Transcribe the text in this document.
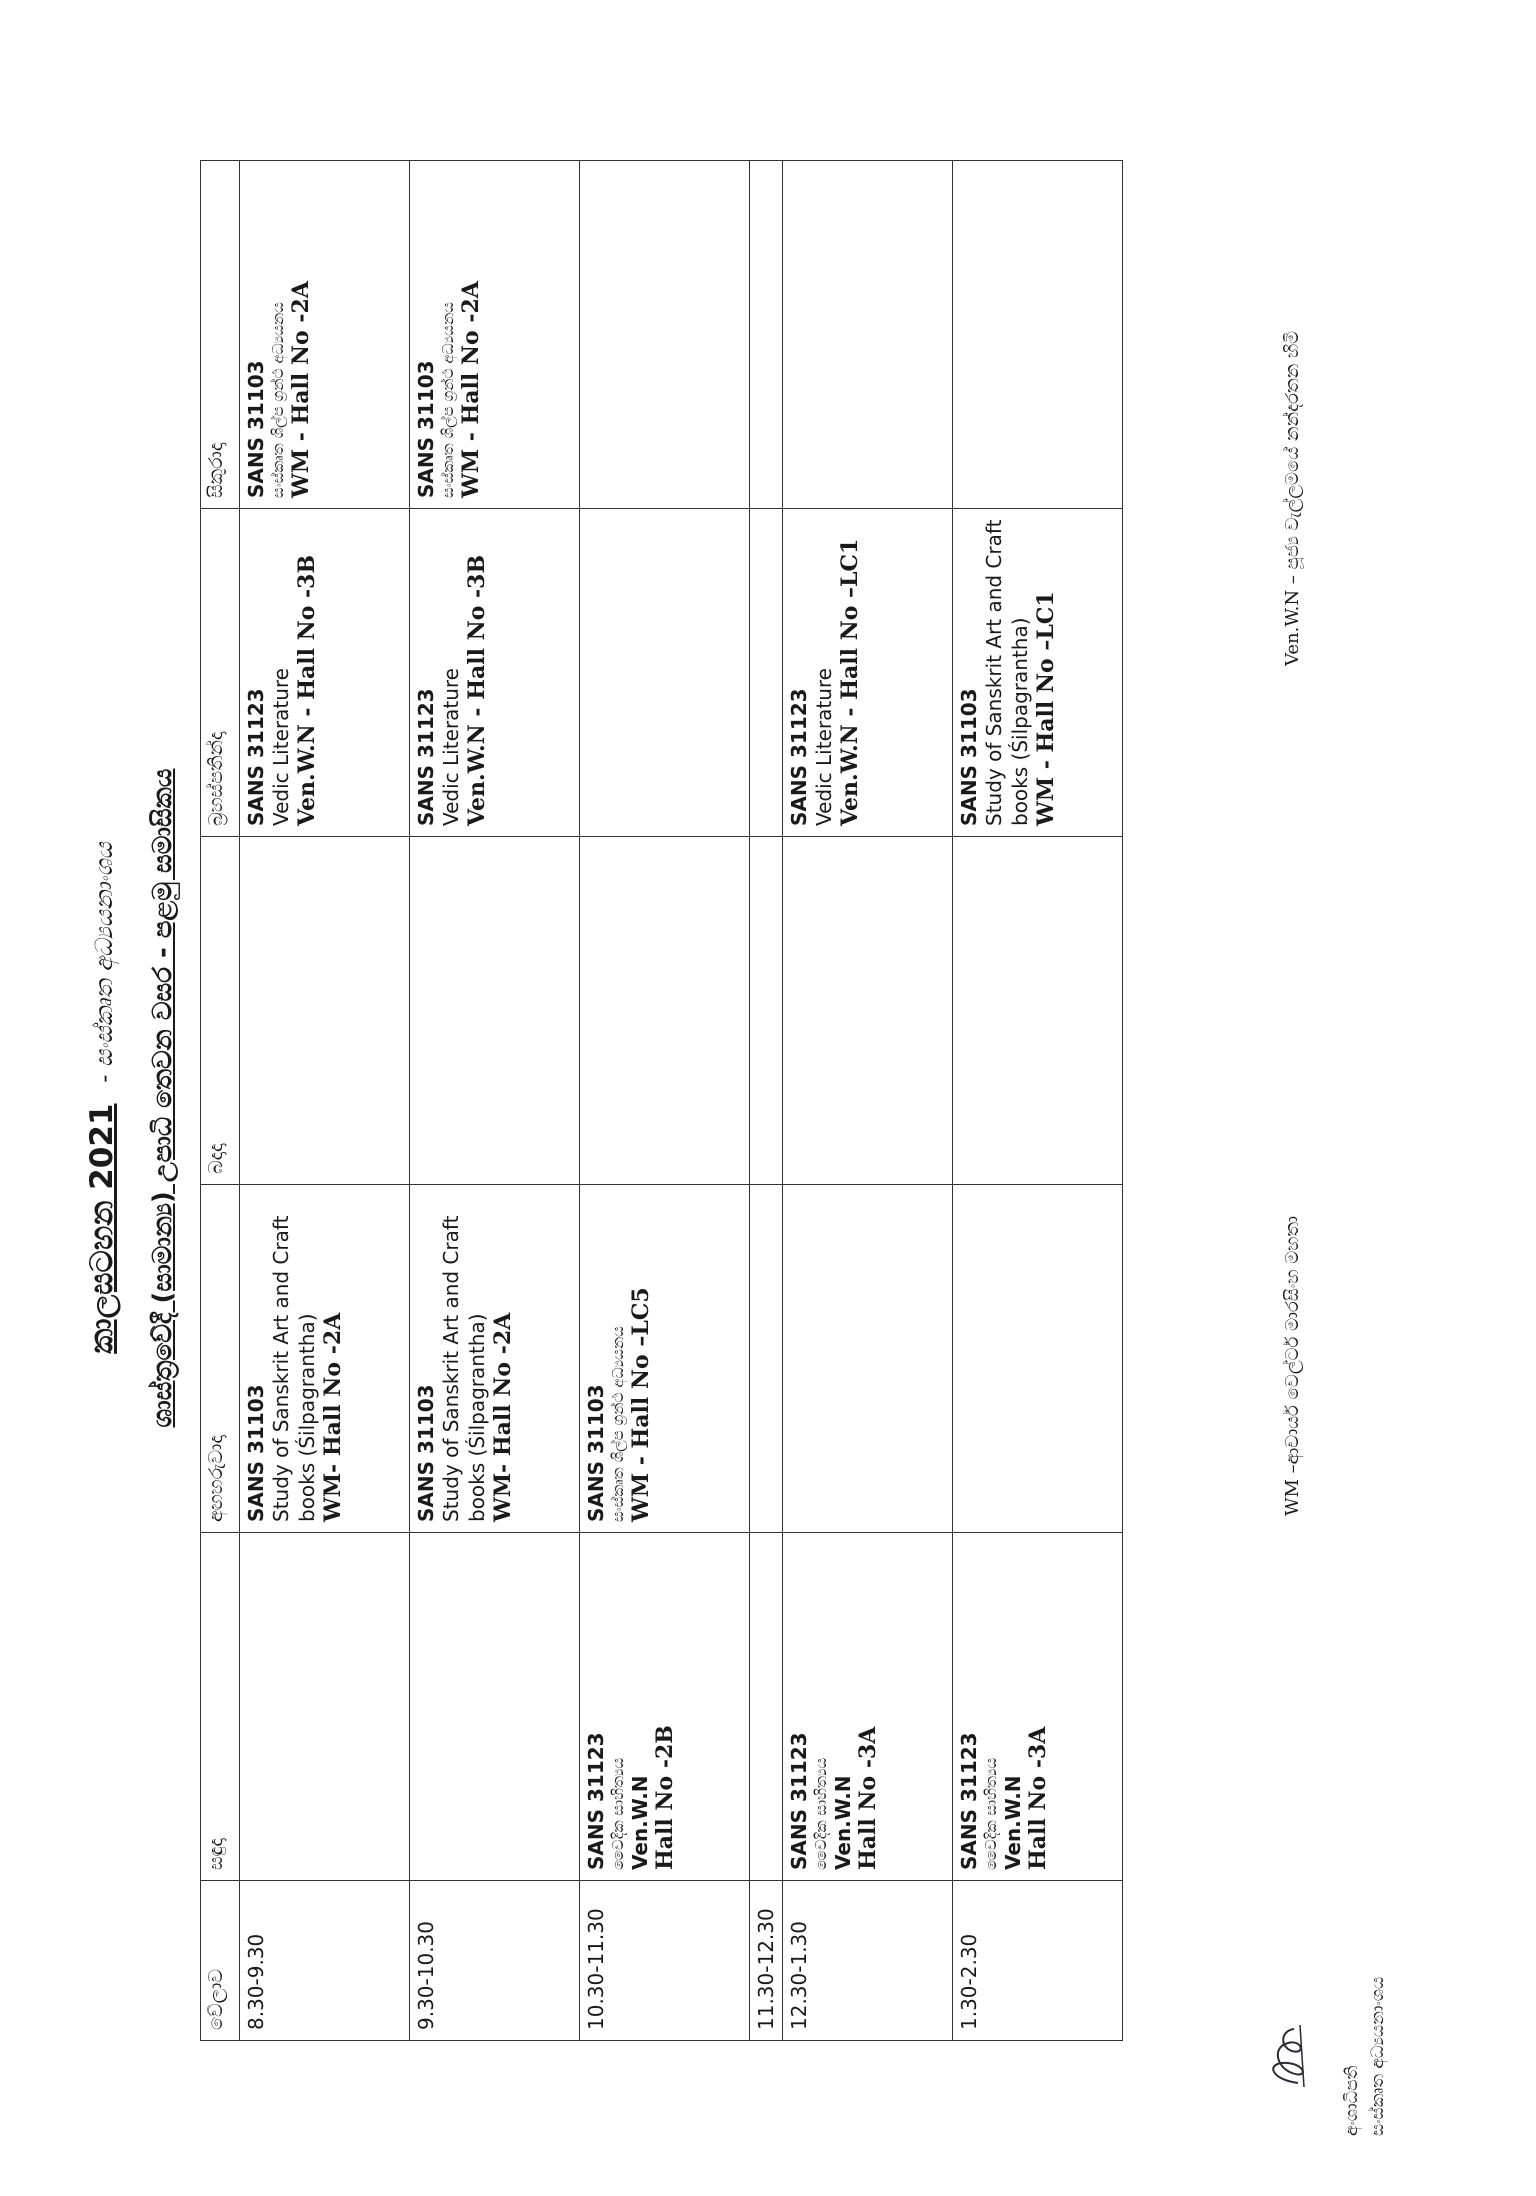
කාලසටහන 2021 - සංස්කෘත අධ්‍යයනාංශය ශාස්ත්‍රවේදී (සාමාන්‍ය) උපාධි තෙවන වසර - පළමු සමාසිකය
වේලාව	සඳුදා	අඟහරුවාදා	බදාදා	බ්‍රහස්පතින්දා	සිකුරාදා
8.30-9.30		SANS 31103 Study of Sanskrit Art and Craft books (Śilpagrantha) WM- Hall No -2A		SANS 31123 Vedic Literature Ven.W.N - Hall No -3B	SANS 31103 සංස්කෘත ශිල්ප ග්‍රන්ථ අධ්‍යයනය WM - Hall No -2A

9.30-10.30		SANS 31103 Study of Sanskrit Art and Craft books (Śilpagrantha) WM- Hall No -2A		SANS 31123 Vedic Literature Ven.W.N - Hall No -3B	SANS 31103 සංස්කෘත ශිල්ප ග්‍රන්ථ අධ්‍යයනය WM - Hall No -2A

10.30-11.30	SANS 31123 වෛදික සාහිත්‍යය Ven.W.N Hall No -2B	SANS 31103 සංස්කෘත ශිල්ප ග්‍රන්ථ අධ්‍යයනය WM - Hall No –LC5			

11.30-12.30					
12.30-1.30	SANS 31123 වෛදික සාහිත්‍යය Ven.W.N Hall No -3A			SANS 31123 Vedic Literature Ven.W.N - Hall No –LC1	

1.30-2.30	SANS 31123 වෛදික සාහිත්‍යය Ven.W.N Hall No -3A			SANS 31103 Study of Sanskrit Art and Craft books (Śilpagrantha) WM - Hall No –LC1	

WM –ආචාර්ය වෙල්ටර් මාරසිංහ මහතා
Ven.W.N – පූජ්‍ය වැල්ලමයේ නන්දරතන හිමි
අංශාධිපති සංස්කෘත අධ්‍යයනාංශය
